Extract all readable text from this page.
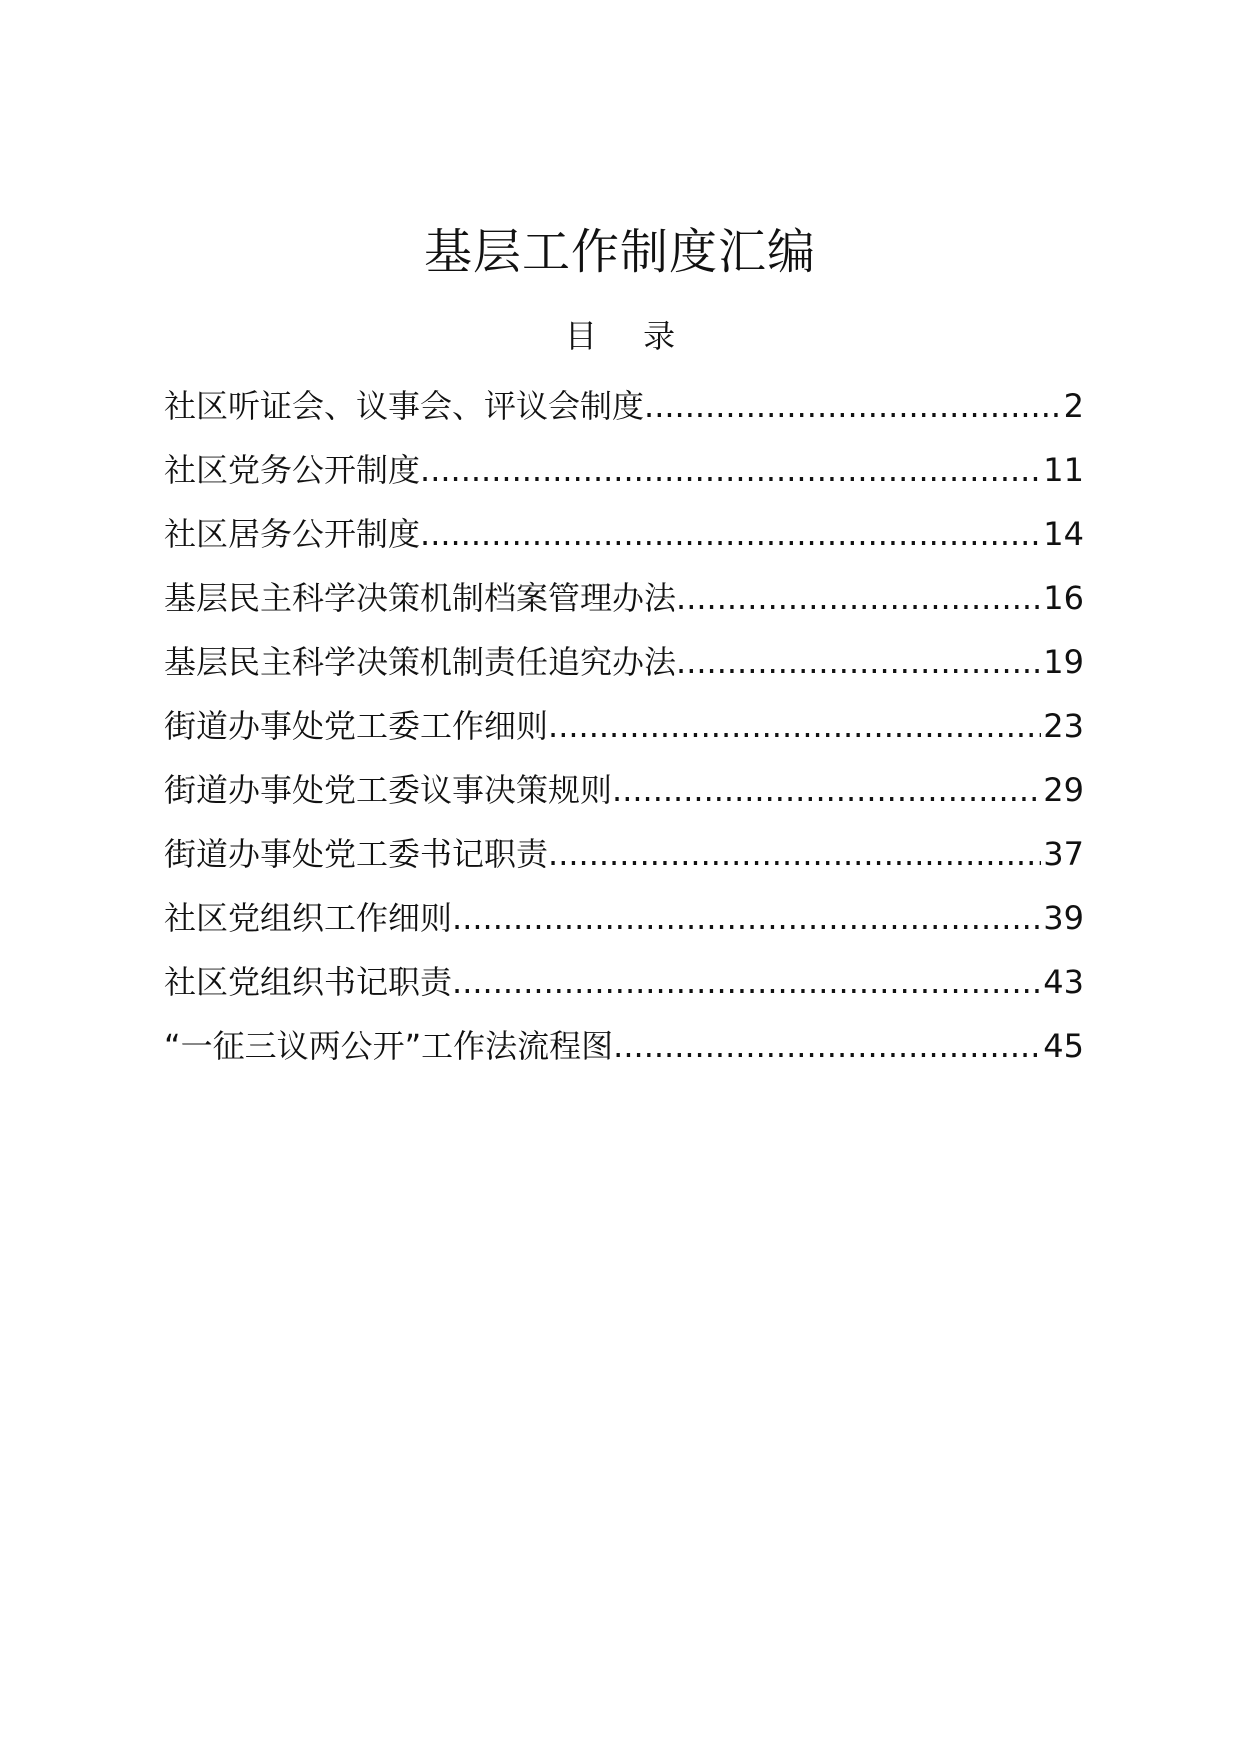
基层工作制度汇编
目 录
社区听证会、议事会、评议会制度 .....	2
社区党务公开制度 .....	11
社区居务公开制度 .....	14
基层民主科学决策机制档案管理办法 .....	16
基层民主科学决策机制责任追究办法 .....	19
街道办事处党工委工作细则 .....	23
街道办事处党工委议事决策规则 .....	29
街道办事处党工委书记职责 .....	37
社区党组织工作细则 .....	39
社区党组织书记职责 .....	43
“一征三议两公开”工作法流程图 .....	45
